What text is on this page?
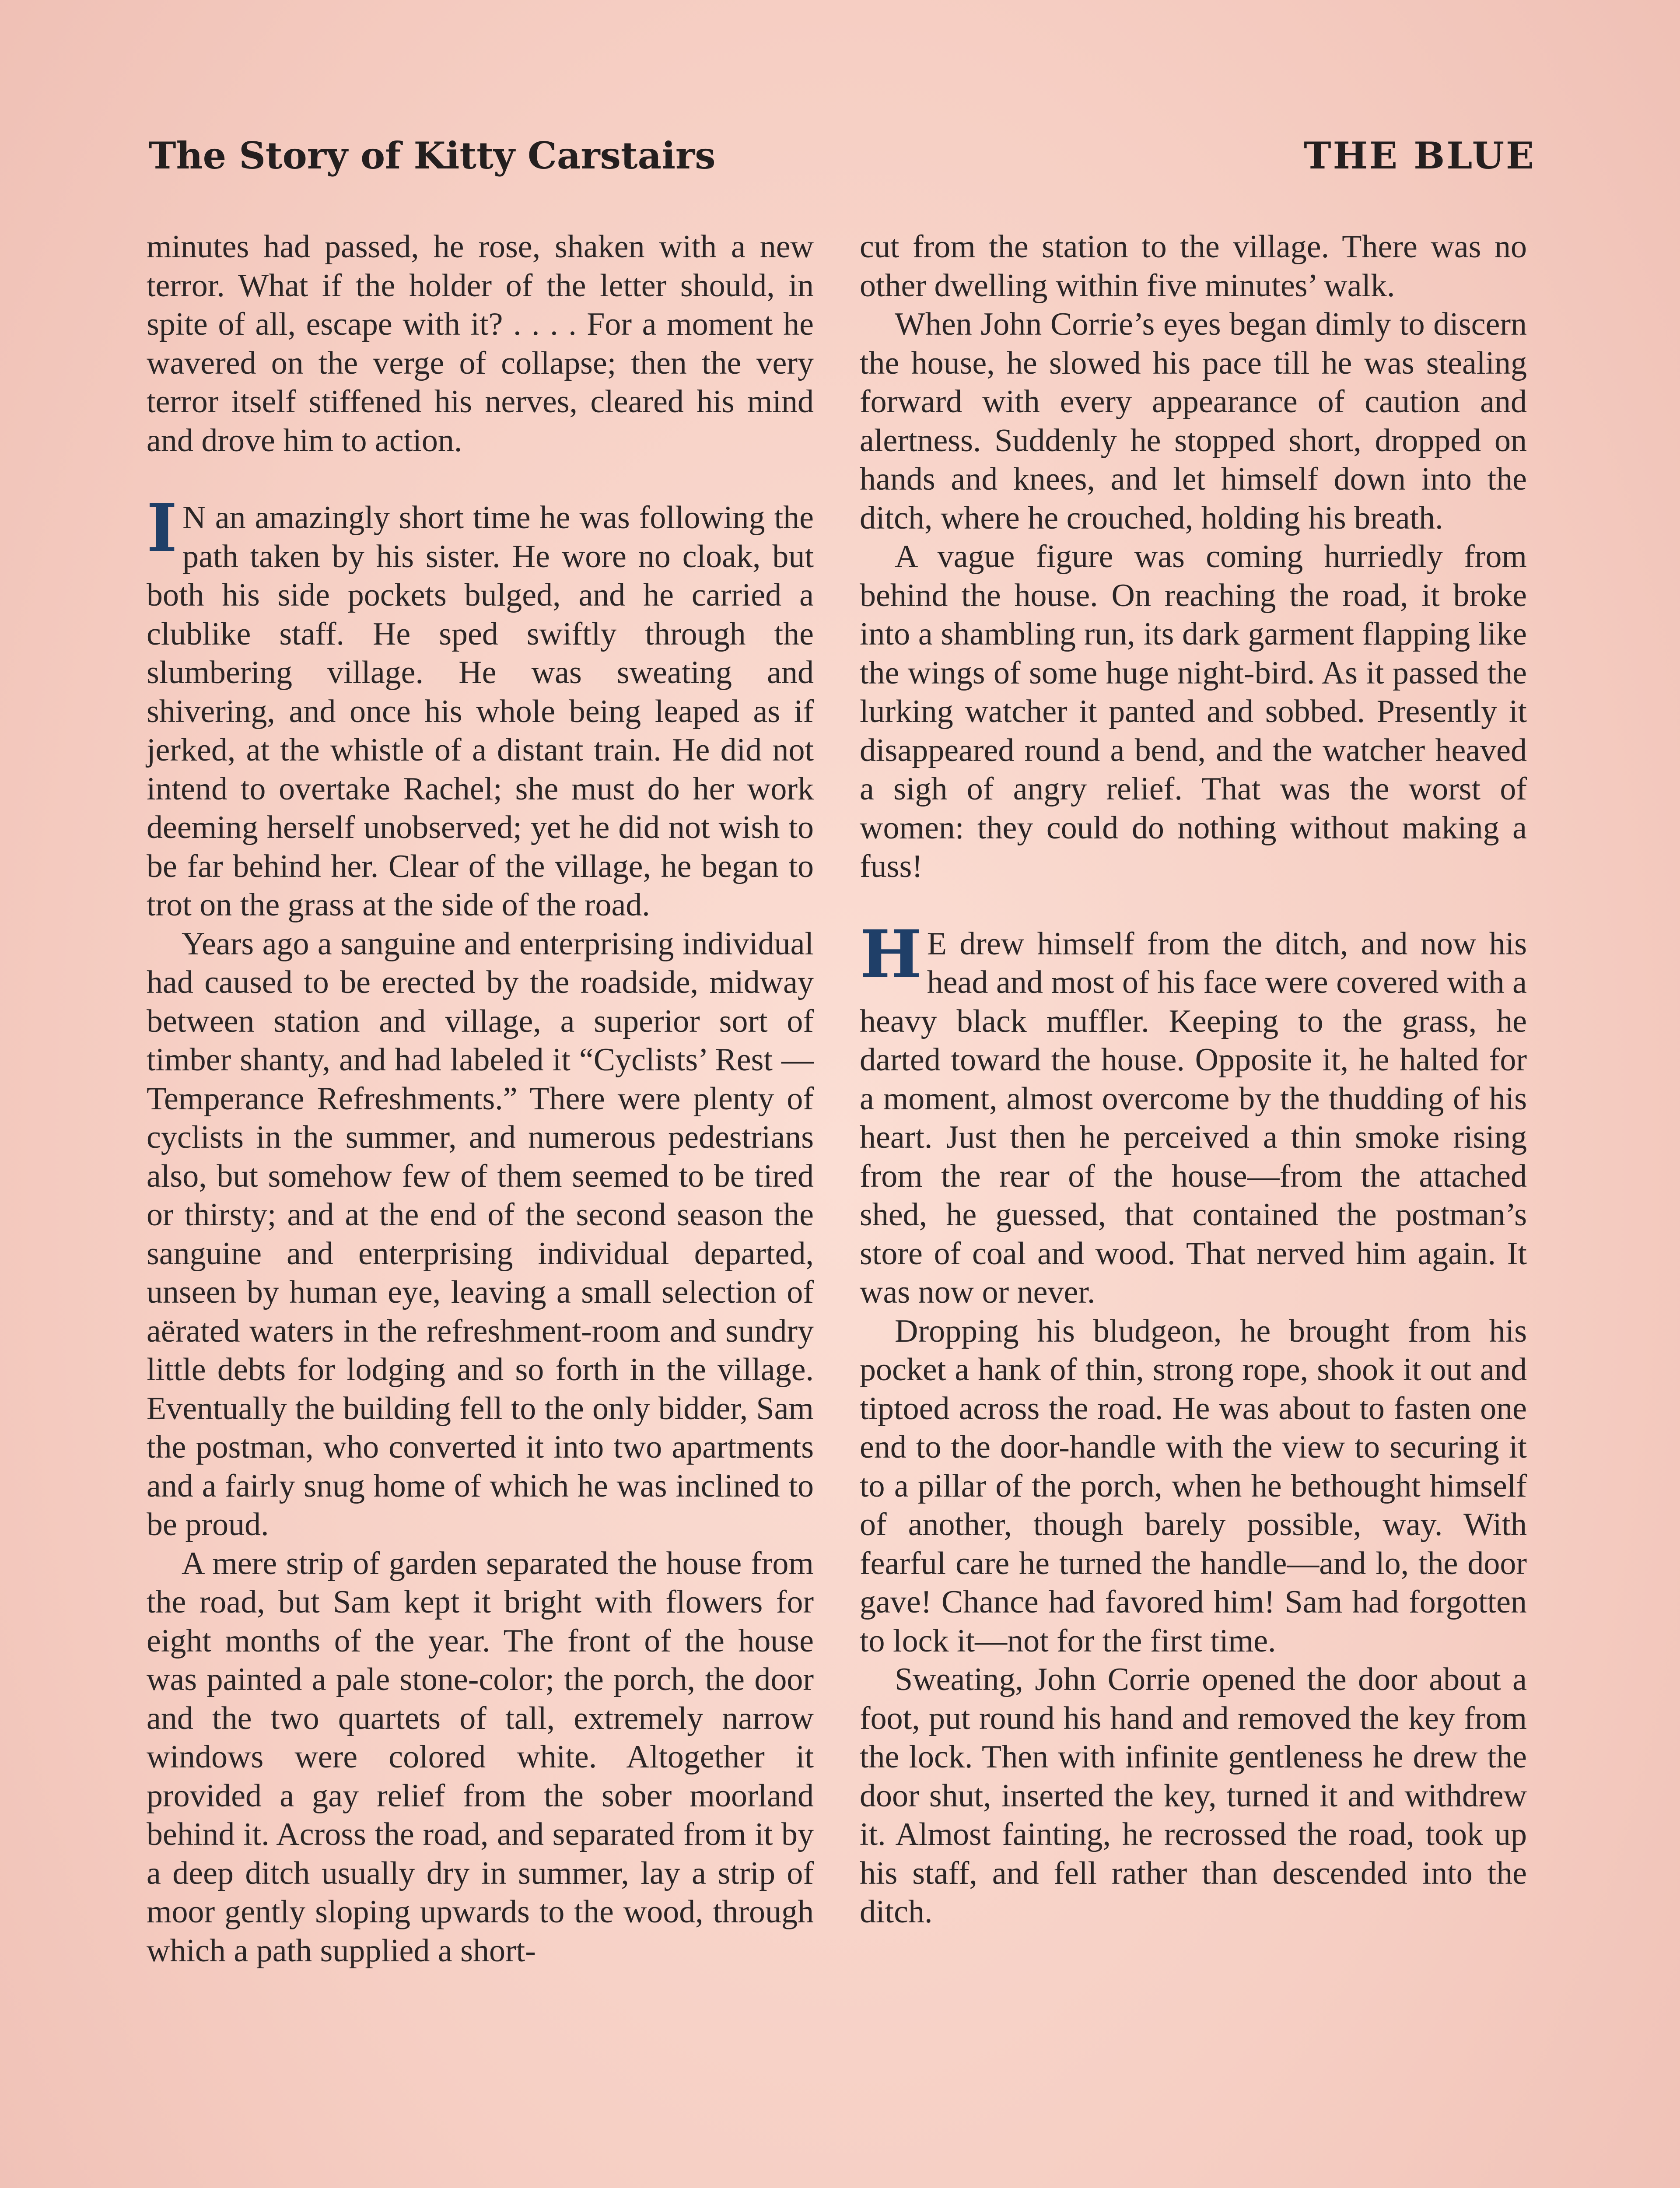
The Story of Kitty Carstairs	THE BLUE

minutes had passed, he rose, shaken with a new terror. What if the holder of the letter should, in spite of all, escape with it? . . . . For a moment he wavered on the verge of collapse; then the very terror itself stiffened his nerves, cleared his mind and drove him to action.

I N an amazingly short time he was following the path taken by his sister. He wore no cloak, but both his side pockets bulged, and he carried a clublike staff. He sped swiftly through the slumbering village. He was sweating and shivering, and once his whole being leaped as if jerked, at the whistle of a distant train. He did not intend to overtake Rachel; she must do her work deeming herself unobserved; yet he did not wish to be far behind her. Clear of the village, he began to trot on the grass at the side of the road.

Years ago a sanguine and enterprising individual had caused to be erected by the roadside, midway between station and village, a superior sort of timber shanty, and had labeled it “Cyclists’ Rest — Temperance Refreshments.” There were plenty of cyclists in the summer, and numerous pedestrians also, but somehow few of them seemed to be tired or thirsty; and at the end of the second season the sanguine and enterprising individual departed, unseen by human eye, leaving a small selection of aërated waters in the refreshment-room and sundry little debts for lodging and so forth in the village. Eventually the building fell to the only bidder, Sam the postman, who converted it into two apartments and a fairly snug home of which he was inclined to be proud.

A mere strip of garden separated the house from the road, but Sam kept it bright with flowers for eight months of the year. The front of the house was painted a pale stone-color; the porch, the door and the two quartets of tall, extremely narrow windows were colored white. Altogether it provided a gay relief from the sober moorland behind it. Across the road, and separated from it by a deep ditch usually dry in summer, lay a strip of moor gently sloping upwards to the wood, through which a path supplied a short-

cut from the station to the village. There was no other dwelling within five minutes’ walk.

When John Corrie’s eyes began dimly to discern the house, he slowed his pace till he was stealing forward with every appearance of caution and alertness. Suddenly he stopped short, dropped on hands and knees, and let himself down into the ditch, where he crouched, holding his breath.

A vague figure was coming hurriedly from behind the house. On reaching the road, it broke into a shambling run, its dark garment flapping like the wings of some huge night-bird. As it passed the lurking watcher it panted and sobbed. Presently it disappeared round a bend, and the watcher heaved a sigh of angry relief. That was the worst of women: they could do nothing without making a fuss!

H E drew himself from the ditch, and now his head and most of his face were covered with a heavy black muffler. Keeping to the grass, he darted toward the house. Opposite it, he halted for a moment, almost overcome by the thudding of his heart. Just then he perceived a thin smoke rising from the rear of the house—from the attached shed, he guessed, that contained the postman’s store of coal and wood. That nerved him again. It was now or never.

Dropping his bludgeon, he brought from his pocket a hank of thin, strong rope, shook it out and tiptoed across the road. He was about to fasten one end to the door-handle with the view to securing it to a pillar of the porch, when he bethought himself of another, though barely possible, way. With fearful care he turned the handle—and lo, the door gave! Chance had favored him! Sam had forgotten to lock it—not for the first time.

Sweating, John Corrie opened the door about a foot, put round his hand and removed the key from the lock. Then with infinite gentleness he drew the door shut, inserted the key, turned it and withdrew it. Almost fainting, he recrossed the road, took up his staff, and fell rather than descended into the ditch.
